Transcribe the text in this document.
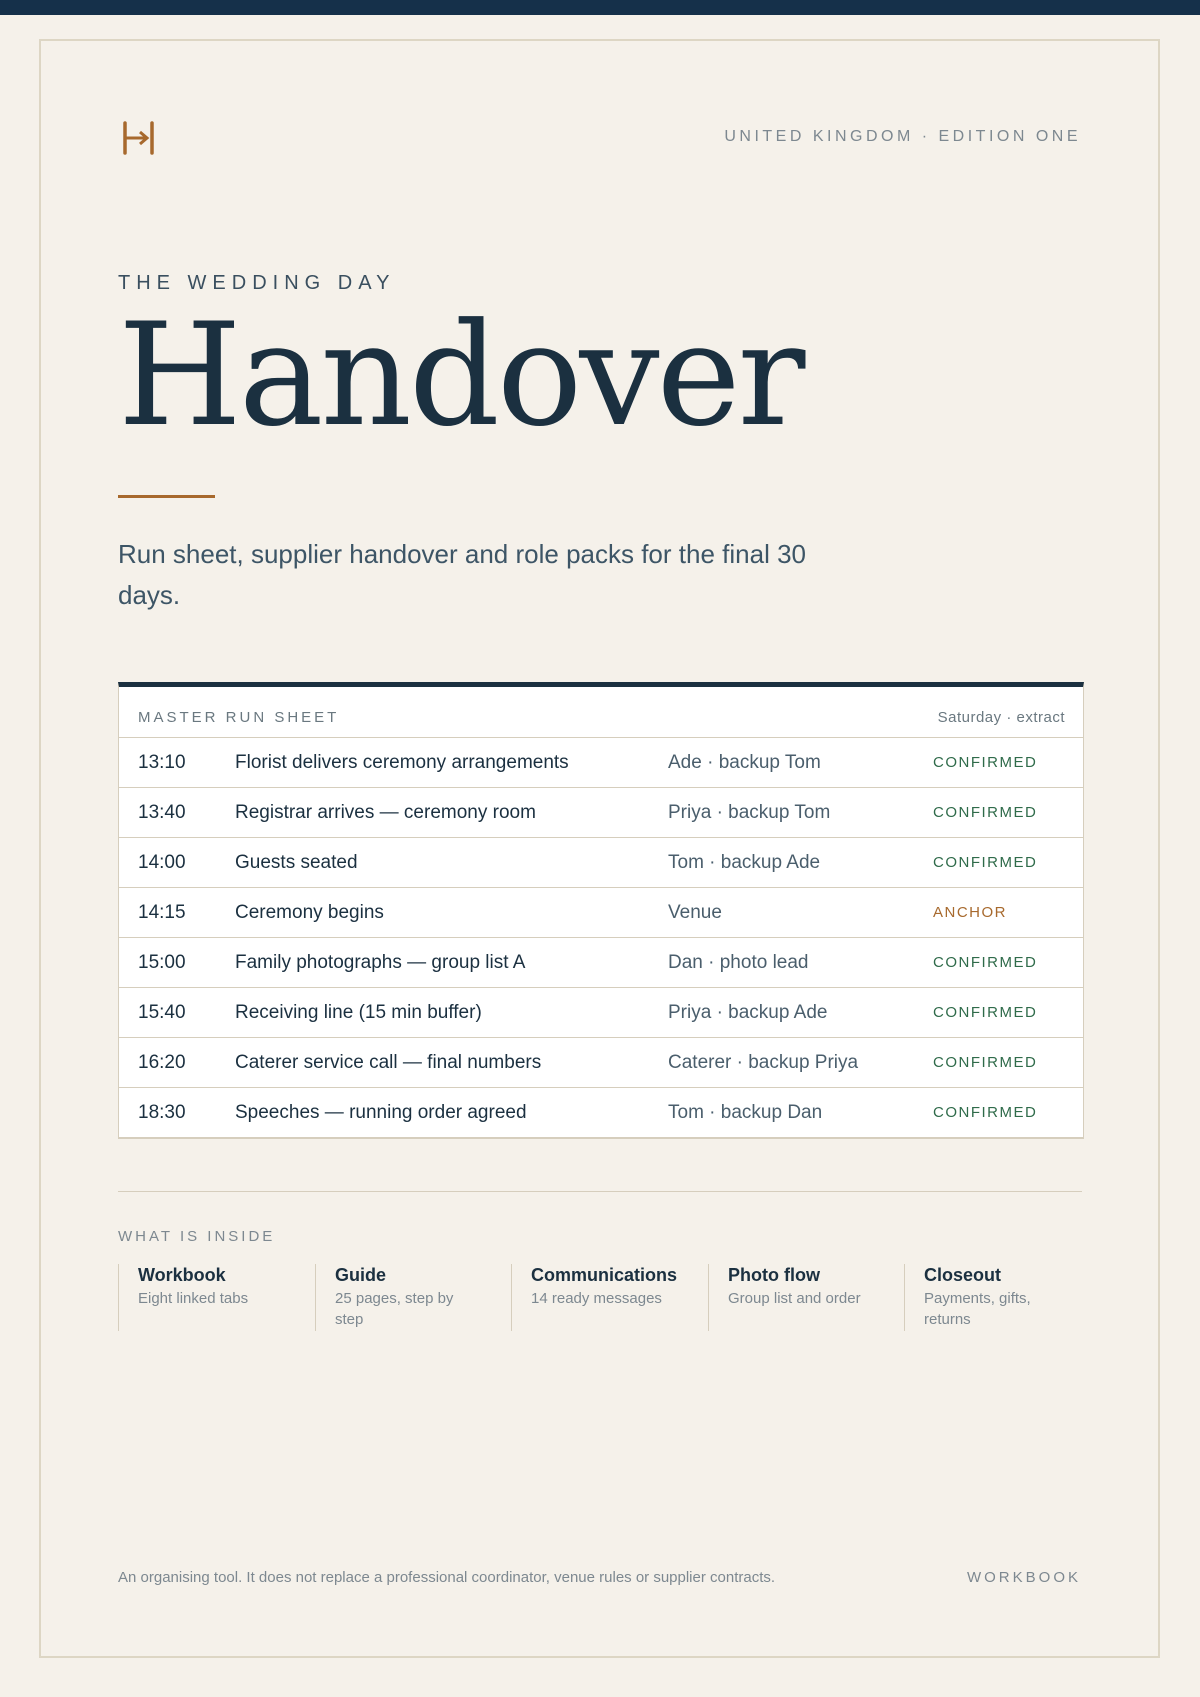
UNITED KINGDOM · EDITION ONE
THE WEDDING DAY
Handover
Run sheet, supplier handover and role packs for the final 30 days.
MASTER RUN SHEET	Saturday · extract
13:10	Florist delivers ceremony arrangements	Ade · backup Tom	CONFIRMED
13:40	Registrar arrives — ceremony room	Priya · backup Tom	CONFIRMED
14:00	Guests seated	Tom · backup Ade	CONFIRMED
14:15	Ceremony begins	Venue	ANCHOR
15:00	Family photographs — group list A	Dan · photo lead	CONFIRMED
15:40	Receiving line (15 min buffer)	Priya · backup Ade	CONFIRMED
16:20	Caterer service call — final numbers	Caterer · backup Priya	CONFIRMED
18:30	Speeches — running order agreed	Tom · backup Dan	CONFIRMED
WHAT IS INSIDE
Workbook
Eight linked tabs
Guide
25 pages, step by step
Communications
14 ready messages
Photo flow
Group list and order
Closeout
Payments, gifts, returns
An organising tool. It does not replace a professional coordinator, venue rules or supplier contracts.	WORKBOOK
